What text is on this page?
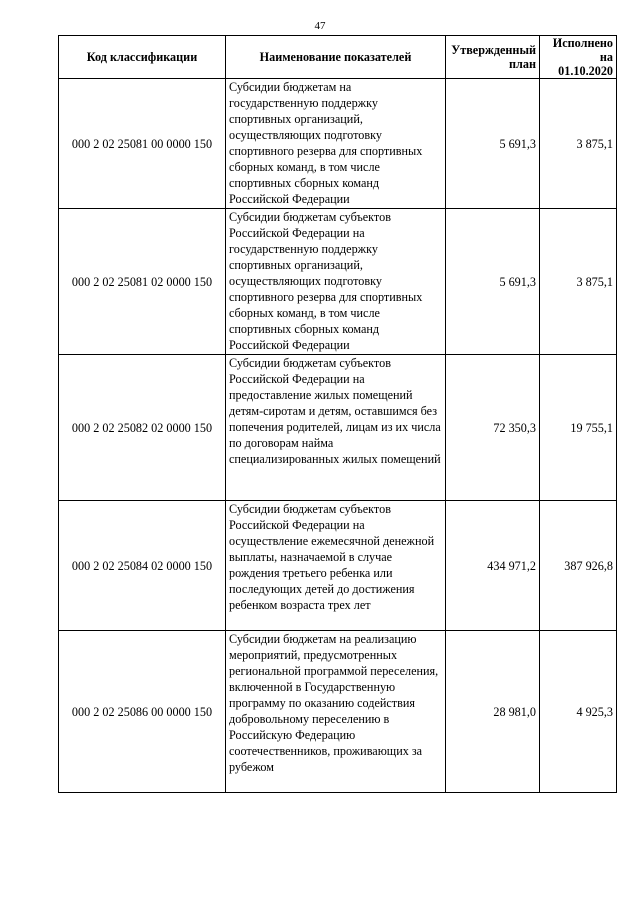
47
Код классификации	Наименование показателей	Утвержденный план	Исполнено на 01.10.2020
000 2 02 25081 00 0000 150	Субсидии бюджетам на государственную поддержку спортивных организаций, осуществляющих подготовку спортивного резерва для спортивных сборных команд, в том числе спортивных сборных команд Российской Федерации	5 691,3	3 875,1
000 2 02 25081 02 0000 150	Субсидии бюджетам субъектов Российской Федерации на государственную поддержку спортивных организаций, осуществляющих подготовку спортивного резерва для спортивных сборных команд, в том числе спортивных сборных команд Российской Федерации	5 691,3	3 875,1
000 2 02 25082 02 0000 150	Субсидии бюджетам субъектов Российской Федерации на предоставление жилых помещений детям-сиротам и детям, оставшимся без попечения родителей, лицам из их числа по договорам найма специализированных жилых помещений	72 350,3	19 755,1
000 2 02 25084 02 0000 150	Субсидии бюджетам субъектов Российской Федерации на осуществление ежемесячной денежной выплаты, назначаемой в случае рождения третьего ребенка или последующих детей до достижения ребенком возраста трех лет	434 971,2	387 926,8
000 2 02 25086 00 0000 150	Субсидии бюджетам на реализацию мероприятий, предусмотренных региональной программой переселения, включенной в Государственную программу по оказанию содействия добровольному переселению в Российскую Федерацию соотечественников, проживающих за рубежом	28 981,0	4 925,3
